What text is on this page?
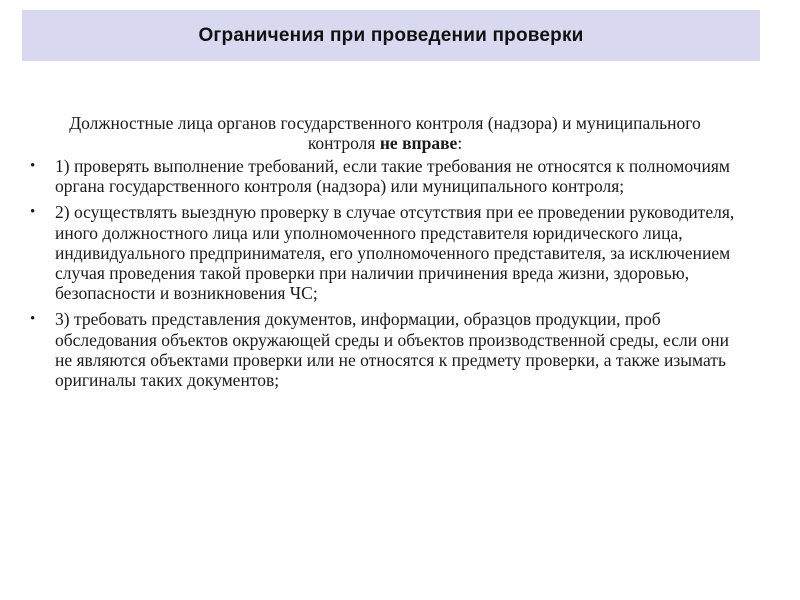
Ограничения при проведении проверки
Должностные лица органов государственного контроля (надзора) и муниципального контроля не вправе:
• 1) проверять выполнение требований, если такие требования не относятся к полномочиям органа государственного контроля (надзора) или муниципального контроля;
• 2) осуществлять выездную проверку в случае отсутствия при ее проведении руководителя, иного должностного лица или уполномоченного представителя юридического лица, индивидуального предпринимателя, его уполномоченного представителя, за исключением случая проведения такой проверки при наличии причинения вреда жизни, здоровью, безопасности и возникновения ЧС;
• 3) требовать представления документов, информации, образцов продукции, проб обследования объектов окружающей среды и объектов производственной среды, если они не являются объектами проверки или не относятся к предмету проверки, а также изымать оригиналы таких документов;
